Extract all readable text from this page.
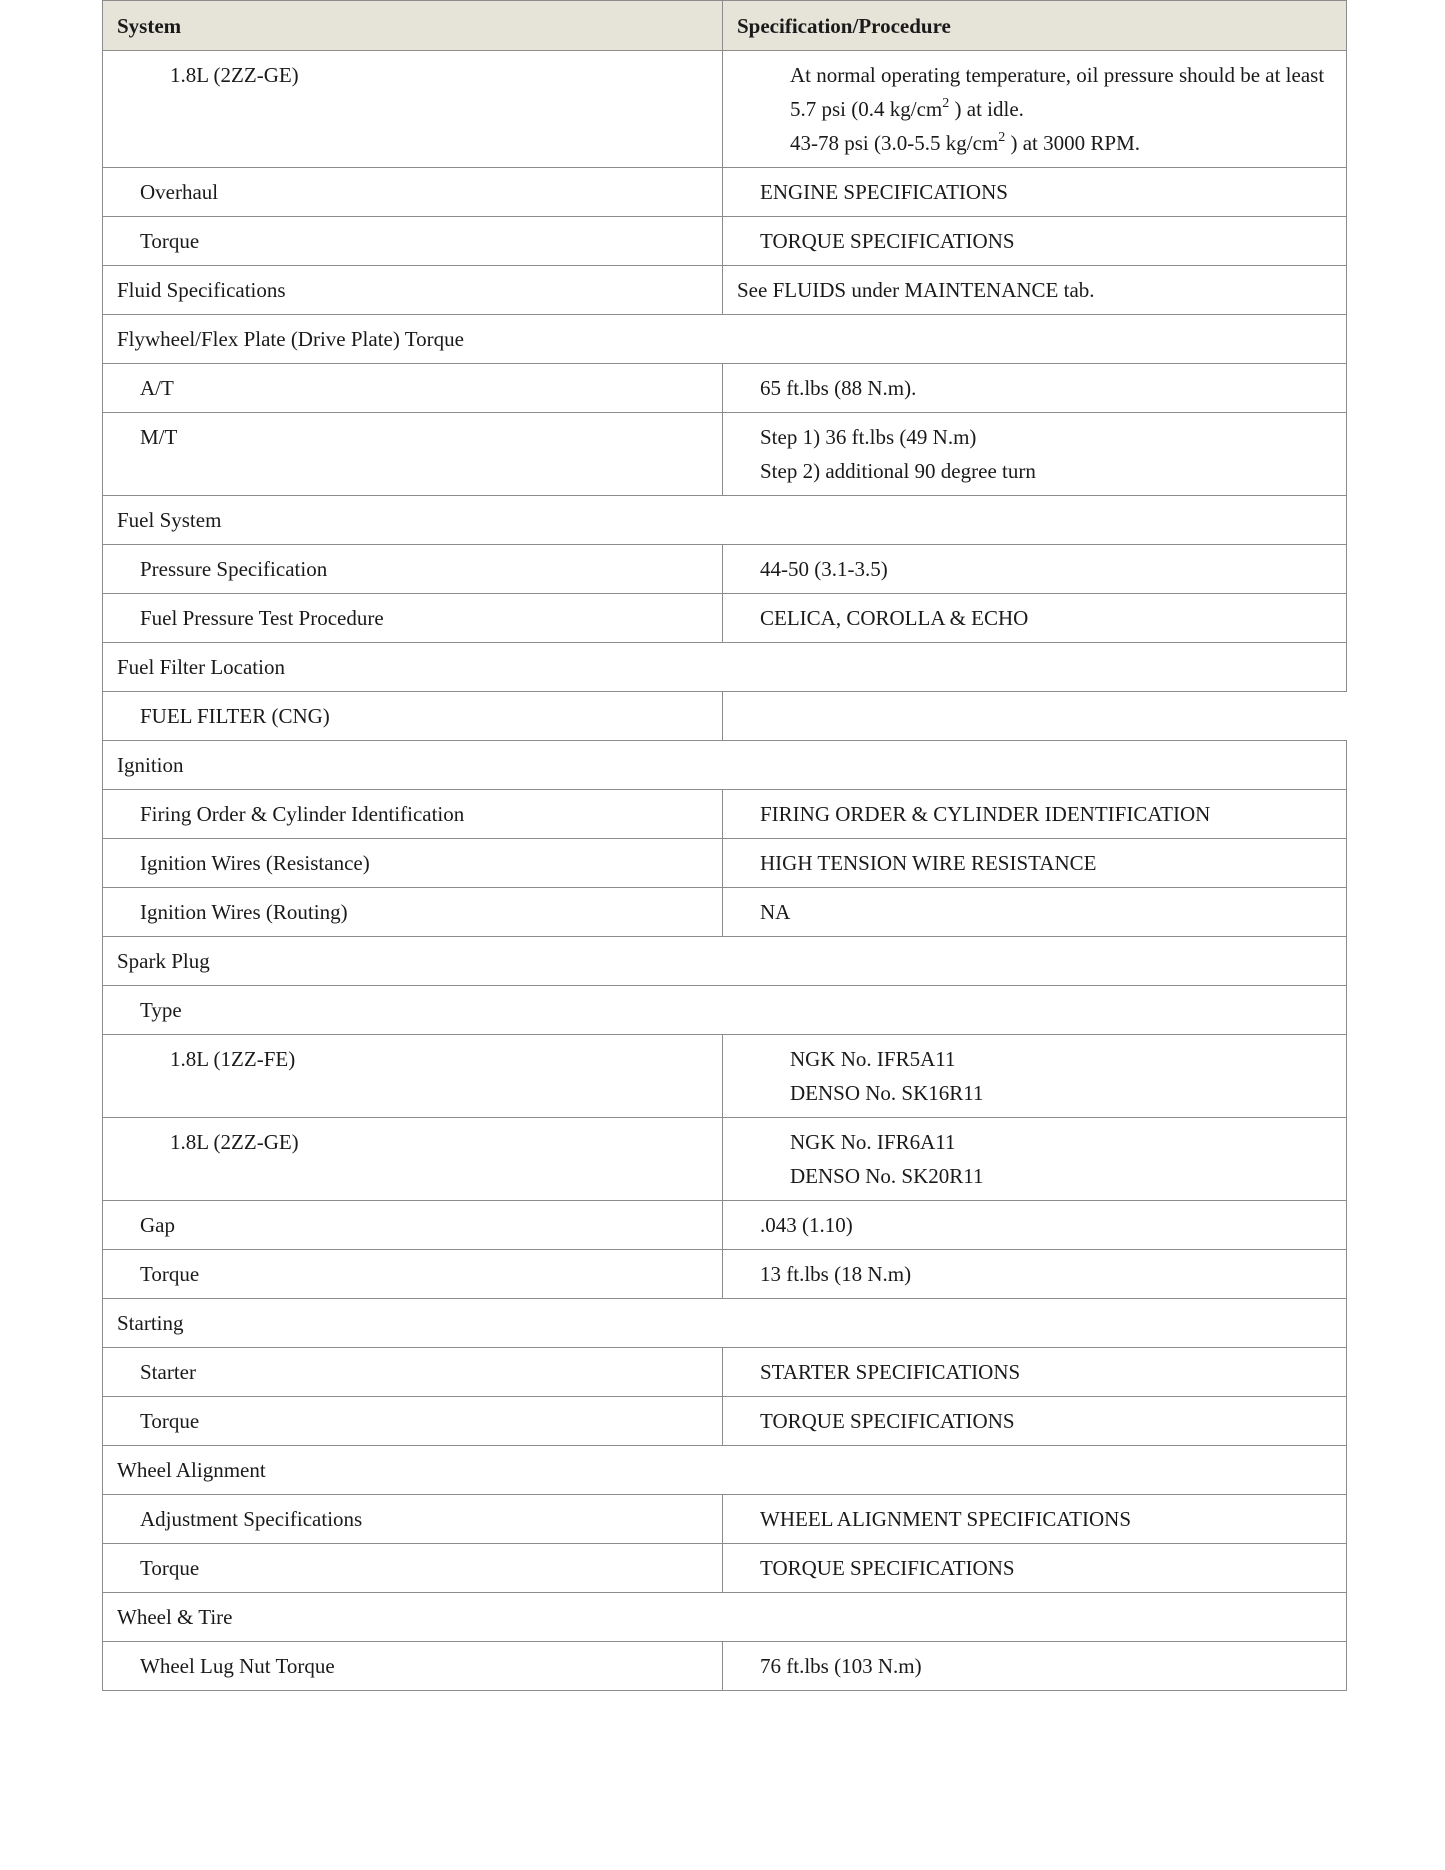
System	Specification/Procedure
1.8L (2ZZ-GE)	At normal operating temperature, oil pressure should be at least 5.7 psi (0.4 $kg/cm^2$ ) at idle.
43-78 psi (3.0-5.5 $kg/cm^2$ ) at 3000 RPM.

Overhaul	ENGINE SPECIFICATIONS

Torque	TORQUE SPECIFICATIONS

Fluid Specifications	See FLUIDS under MAINTENANCE tab.

Flywheel/Flex Plate (Drive Plate) Torque	
A/T	65 ft.lbs (88 N.m).

M/T	Step 1) 36 ft.lbs (49 N.m)
Step 2) additional 90 degree turn

Fuel System	
Pressure Specification	44-50 (3.1-3.5)

Fuel Pressure Test Procedure	CELICA, COROLLA & ECHO

Fuel Filter Location	
FUEL FILTER (CNG)	
Ignition	
Firing Order & Cylinder Identification	FIRING ORDER & CYLINDER IDENTIFICATION

Ignition Wires (Resistance)	HIGH TENSION WIRE RESISTANCE

Ignition Wires (Routing)	NA

Spark Plug	
Type	
1.8L (1ZZ-FE)	NGK No. IFR5A11
DENSO No. SK16R11

1.8L (2ZZ-GE)	NGK No. IFR6A11
DENSO No. SK20R11

Gap	.043 (1.10)

Torque	13 ft.lbs (18 N.m)

Starting	
Starter	STARTER SPECIFICATIONS

Torque	TORQUE SPECIFICATIONS

Wheel Alignment	
Adjustment Specifications	WHEEL ALIGNMENT SPECIFICATIONS

Torque	TORQUE SPECIFICATIONS

Wheel & Tire	
Wheel Lug Nut Torque	76 ft.lbs (103 N.m)
